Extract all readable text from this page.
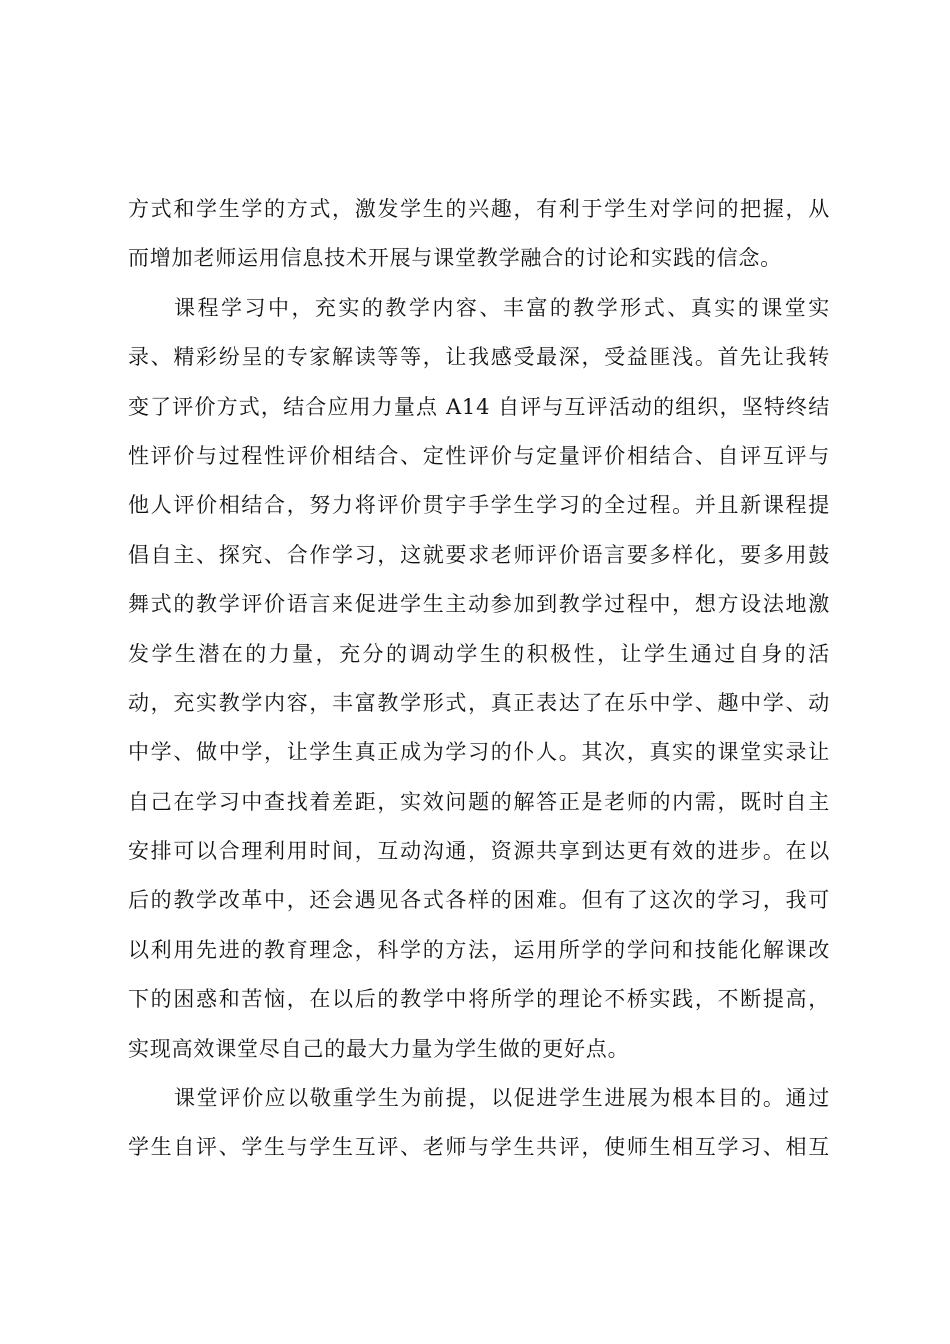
方式和学生学的方式，激发学生的兴趣，有利于学生对学问的把握，从
而增加老师运用信息技术开展与课堂教学融合的讨论和实践的信念。
课程学习中，充实的教学内容、丰富的教学形式、真实的课堂实
录、精彩纷呈的专家解读等等，让我感受最深，受益匪浅。首先让我转
变了评价方式，结合应用力量点 A14 自评与互评活动的组织，坚特终结
性评价与过程性评价相结合、定性评价与定量评价相结合、自评互评与
他人评价相结合，努力将评价贯宇手学生学习的全过程。并且新课程提
倡自主、探究、合作学习，这就要求老师评价语言要多样化，要多用鼓
舞式的教学评价语言来促进学生主动参加到教学过程中，想方设法地激
发学生潜在的力量，充分的调动学生的积极性，让学生通过自身的活
动，充实教学内容，丰富教学形式，真正表达了在乐中学、趣中学、动
中学、做中学，让学生真正成为学习的仆人。其次，真实的课堂实录让
自己在学习中查找着差距，实效问题的解答正是老师的内需，既时自主
安排可以合理利用时间，互动沟通，资源共享到达更有效的进步。在以
后的教学改革中，还会遇见各式各样的困难。但有了这次的学习，我可
以利用先进的教育理念，科学的方法，运用所学的学问和技能化解课改
下的困惑和苦恼，在以后的教学中将所学的理论不桥实践，不断提高，
实现高效课堂尽自己的最大力量为学生做的更好点。
课堂评价应以敬重学生为前提，以促进学生进展为根本目的。通过
学生自评、学生与学生互评、老师与学生共评，使师生相互学习、相互
